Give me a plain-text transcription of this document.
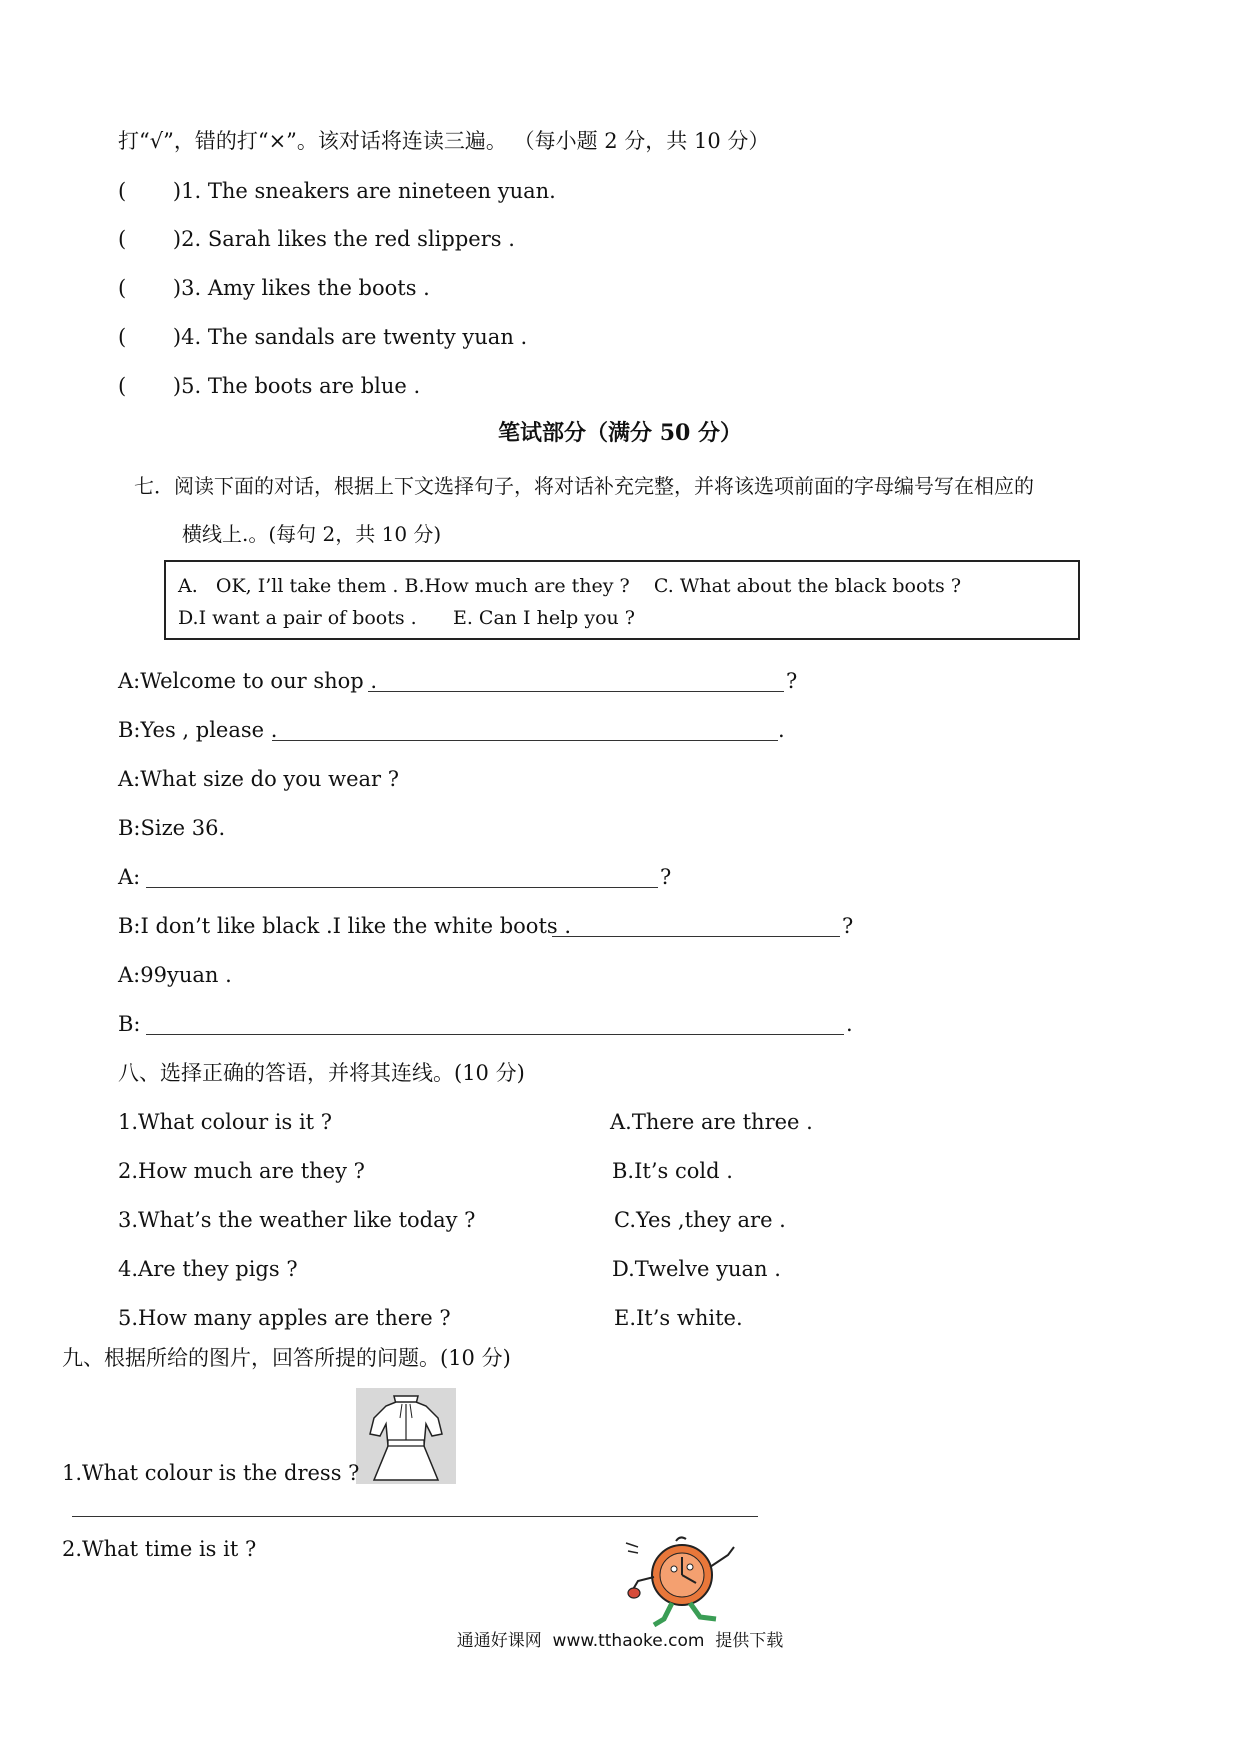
打“√”，错的打“×”。该对话将连读三遍。 （每小题 2 分，共 10 分）
(       )1. The sneakers are nineteen yuan.
(       )2. Sarah likes the red slippers .
(       )3. Amy likes the boots .
(       )4. The sandals are twenty yuan .
(       )5. The boots are blue .
笔试部分（满分 50 分）
七．阅读下面的对话，根据上下文选择句子，将对话补充完整，并将该选项前面的字母编号写在相应的
横线上.。(每句 2，共 10 分)
A.   OK, I’ll take them . B.How much are they ?    C. What about the black boots ?
D.I want a pair of boots .      E. Can I help you ?
A:Welcome to our shop .	?
B:Yes , please .	.
A:What size do you wear ?
B:Size 36.
A:	?
B:I don’t like black .I like the white boots .	?
A:99yuan .
B:	.
八、选择正确的答语，并将其连线。(10 分)
1.What colour is it ?	A.There are three .
2.How much are they ?	B.It’s cold .
3.What’s the weather like today ?	C.Yes ,they are .
4.Are they pigs ?	D.Twelve yuan .
5.How many apples are there ?	E.It’s white.
九、根据所给的图片，回答所提的问题。(10 分)
1.What colour is the dress ?
2.What time is it ?
通通好课网  www.tthaoke.com  提供下载
